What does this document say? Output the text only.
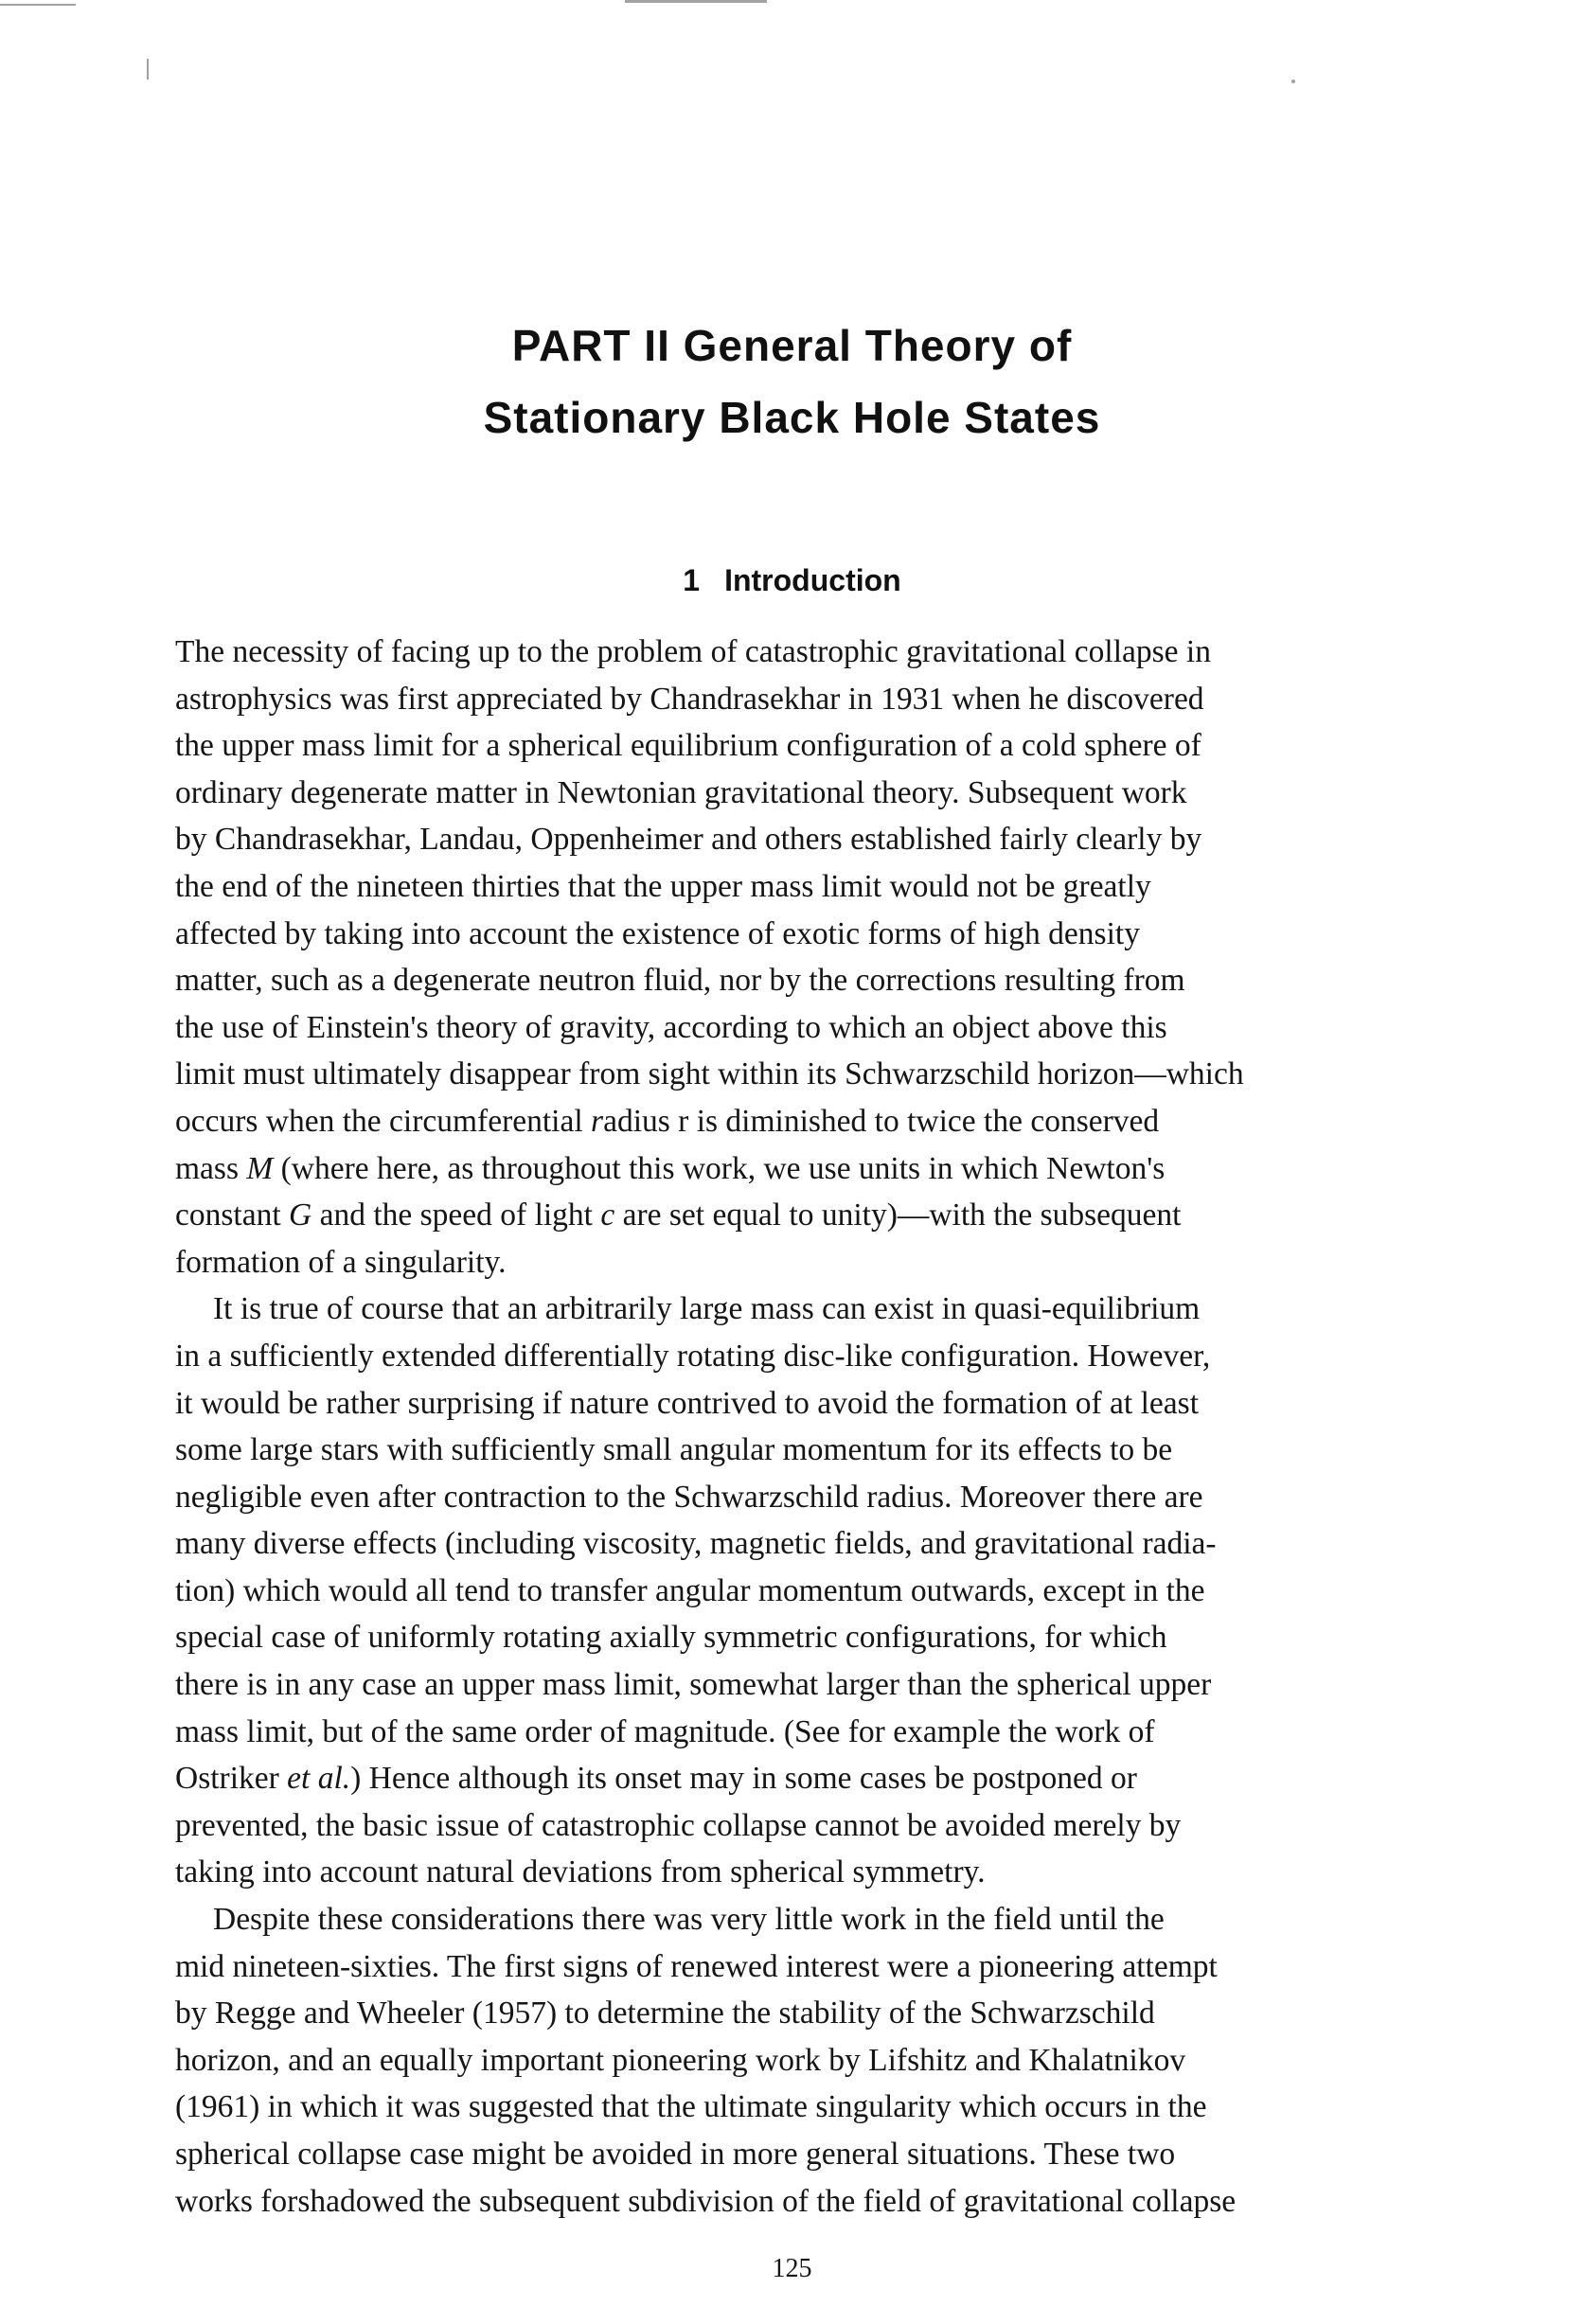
PART II General Theory of
Stationary Black Hole States
1 Introduction
The necessity of facing up to the problem of catastrophic gravitational collapse in
astrophysics was first appreciated by Chandrasekhar in 1931 when he discovered
the upper mass limit for a spherical equilibrium configuration of a cold sphere of
ordinary degenerate matter in Newtonian gravitational theory. Subsequent work
by Chandrasekhar, Landau, Oppenheimer and others established fairly clearly by
the end of the nineteen thirties that the upper mass limit would not be greatly
affected by taking into account the existence of exotic forms of high density
matter, such as a degenerate neutron fluid, nor by the corrections resulting from
the use of Einstein's theory of gravity, according to which an object above this
limit must ultimately disappear from sight within its Schwarzschild horizon—which
occurs when the circumferential radius r is diminished to twice the conserved
mass M (where here, as throughout this work, we use units in which Newton's
constant G and the speed of light c are set equal to unity)—with the subsequent
formation of a singularity.
It is true of course that an arbitrarily large mass can exist in quasi-equilibrium
in a sufficiently extended differentially rotating disc-like configuration. However,
it would be rather surprising if nature contrived to avoid the formation of at least
some large stars with sufficiently small angular momentum for its effects to be
negligible even after contraction to the Schwarzschild radius. Moreover there are
many diverse effects (including viscosity, magnetic fields, and gravitational radia-
tion) which would all tend to transfer angular momentum outwards, except in the
special case of uniformly rotating axially symmetric configurations, for which
there is in any case an upper mass limit, somewhat larger than the spherical upper
mass limit, but of the same order of magnitude. (See for example the work of
Ostriker et al.) Hence although its onset may in some cases be postponed or
prevented, the basic issue of catastrophic collapse cannot be avoided merely by
taking into account natural deviations from spherical symmetry.
Despite these considerations there was very little work in the field until the
mid nineteen-sixties. The first signs of renewed interest were a pioneering attempt
by Regge and Wheeler (1957) to determine the stability of the Schwarzschild
horizon, and an equally important pioneering work by Lifshitz and Khalatnikov
(1961) in which it was suggested that the ultimate singularity which occurs in the
spherical collapse case might be avoided in more general situations. These two
works forshadowed the subsequent subdivision of the field of gravitational collapse
125
